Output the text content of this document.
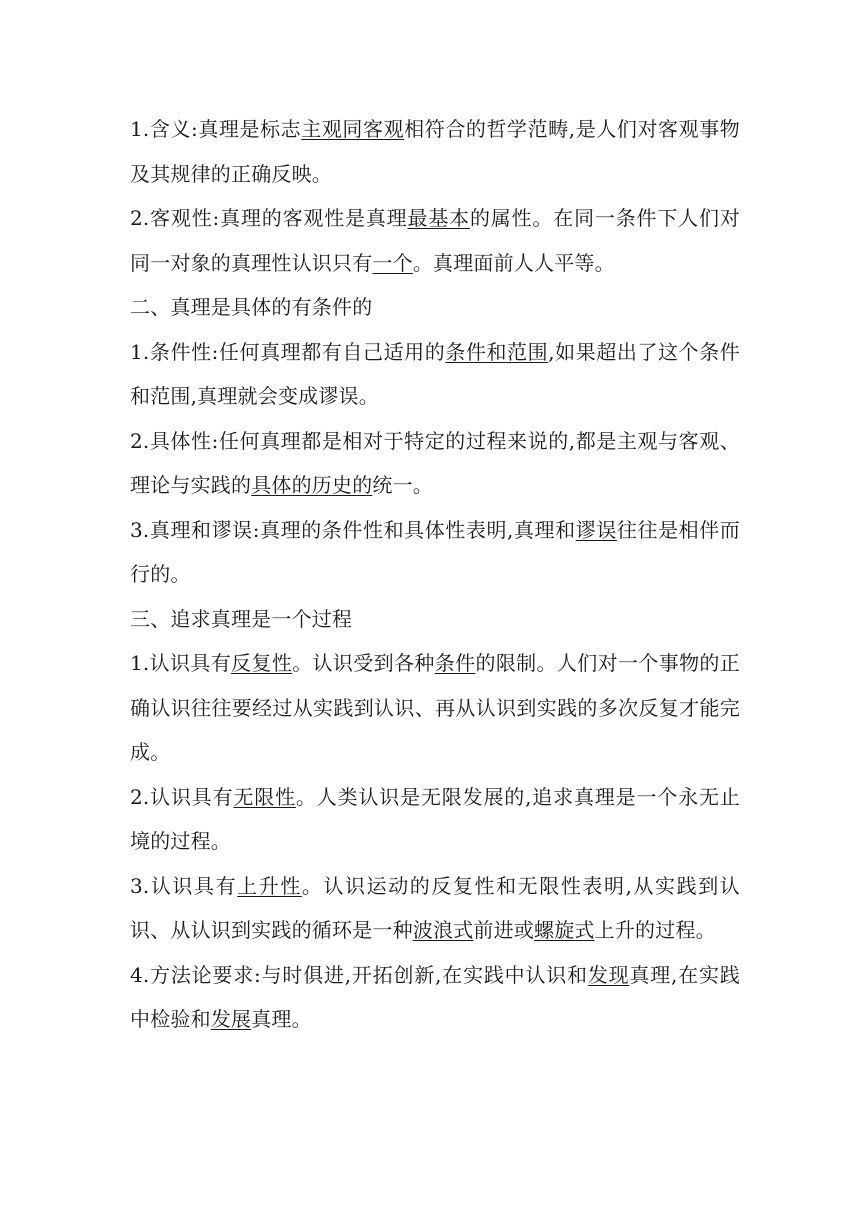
1.含义:真理是标志主观同客观相符合的哲学范畴,是人们对客观事物及其规律的正确反映。

2.客观性:真理的客观性是真理最基本的属性。在同一条件下人们对同一对象的真理性认识只有一个。真理面前人人平等。

二、真理是具体的有条件的

1.条件性:任何真理都有自己适用的条件和范围,如果超出了这个条件和范围,真理就会变成谬误。

2.具体性:任何真理都是相对于特定的过程来说的,都是主观与客观、理论与实践的具体的历史的统一。

3.真理和谬误:真理的条件性和具体性表明,真理和谬误往往是相伴而行的。

三、追求真理是一个过程

1.认识具有反复性。认识受到各种条件的限制。人们对一个事物的正确认识往往要经过从实践到认识、再从认识到实践的多次反复才能完成。

2.认识具有无限性。人类认识是无限发展的,追求真理是一个永无止境的过程。

3.认识具有上升性。认识运动的反复性和无限性表明,从实践到认识、从认识到实践的循环是一种波浪式前进或螺旋式上升的过程。

4.方法论要求:与时俱进,开拓创新,在实践中认识和发现真理,在实践中检验和发展真理。
